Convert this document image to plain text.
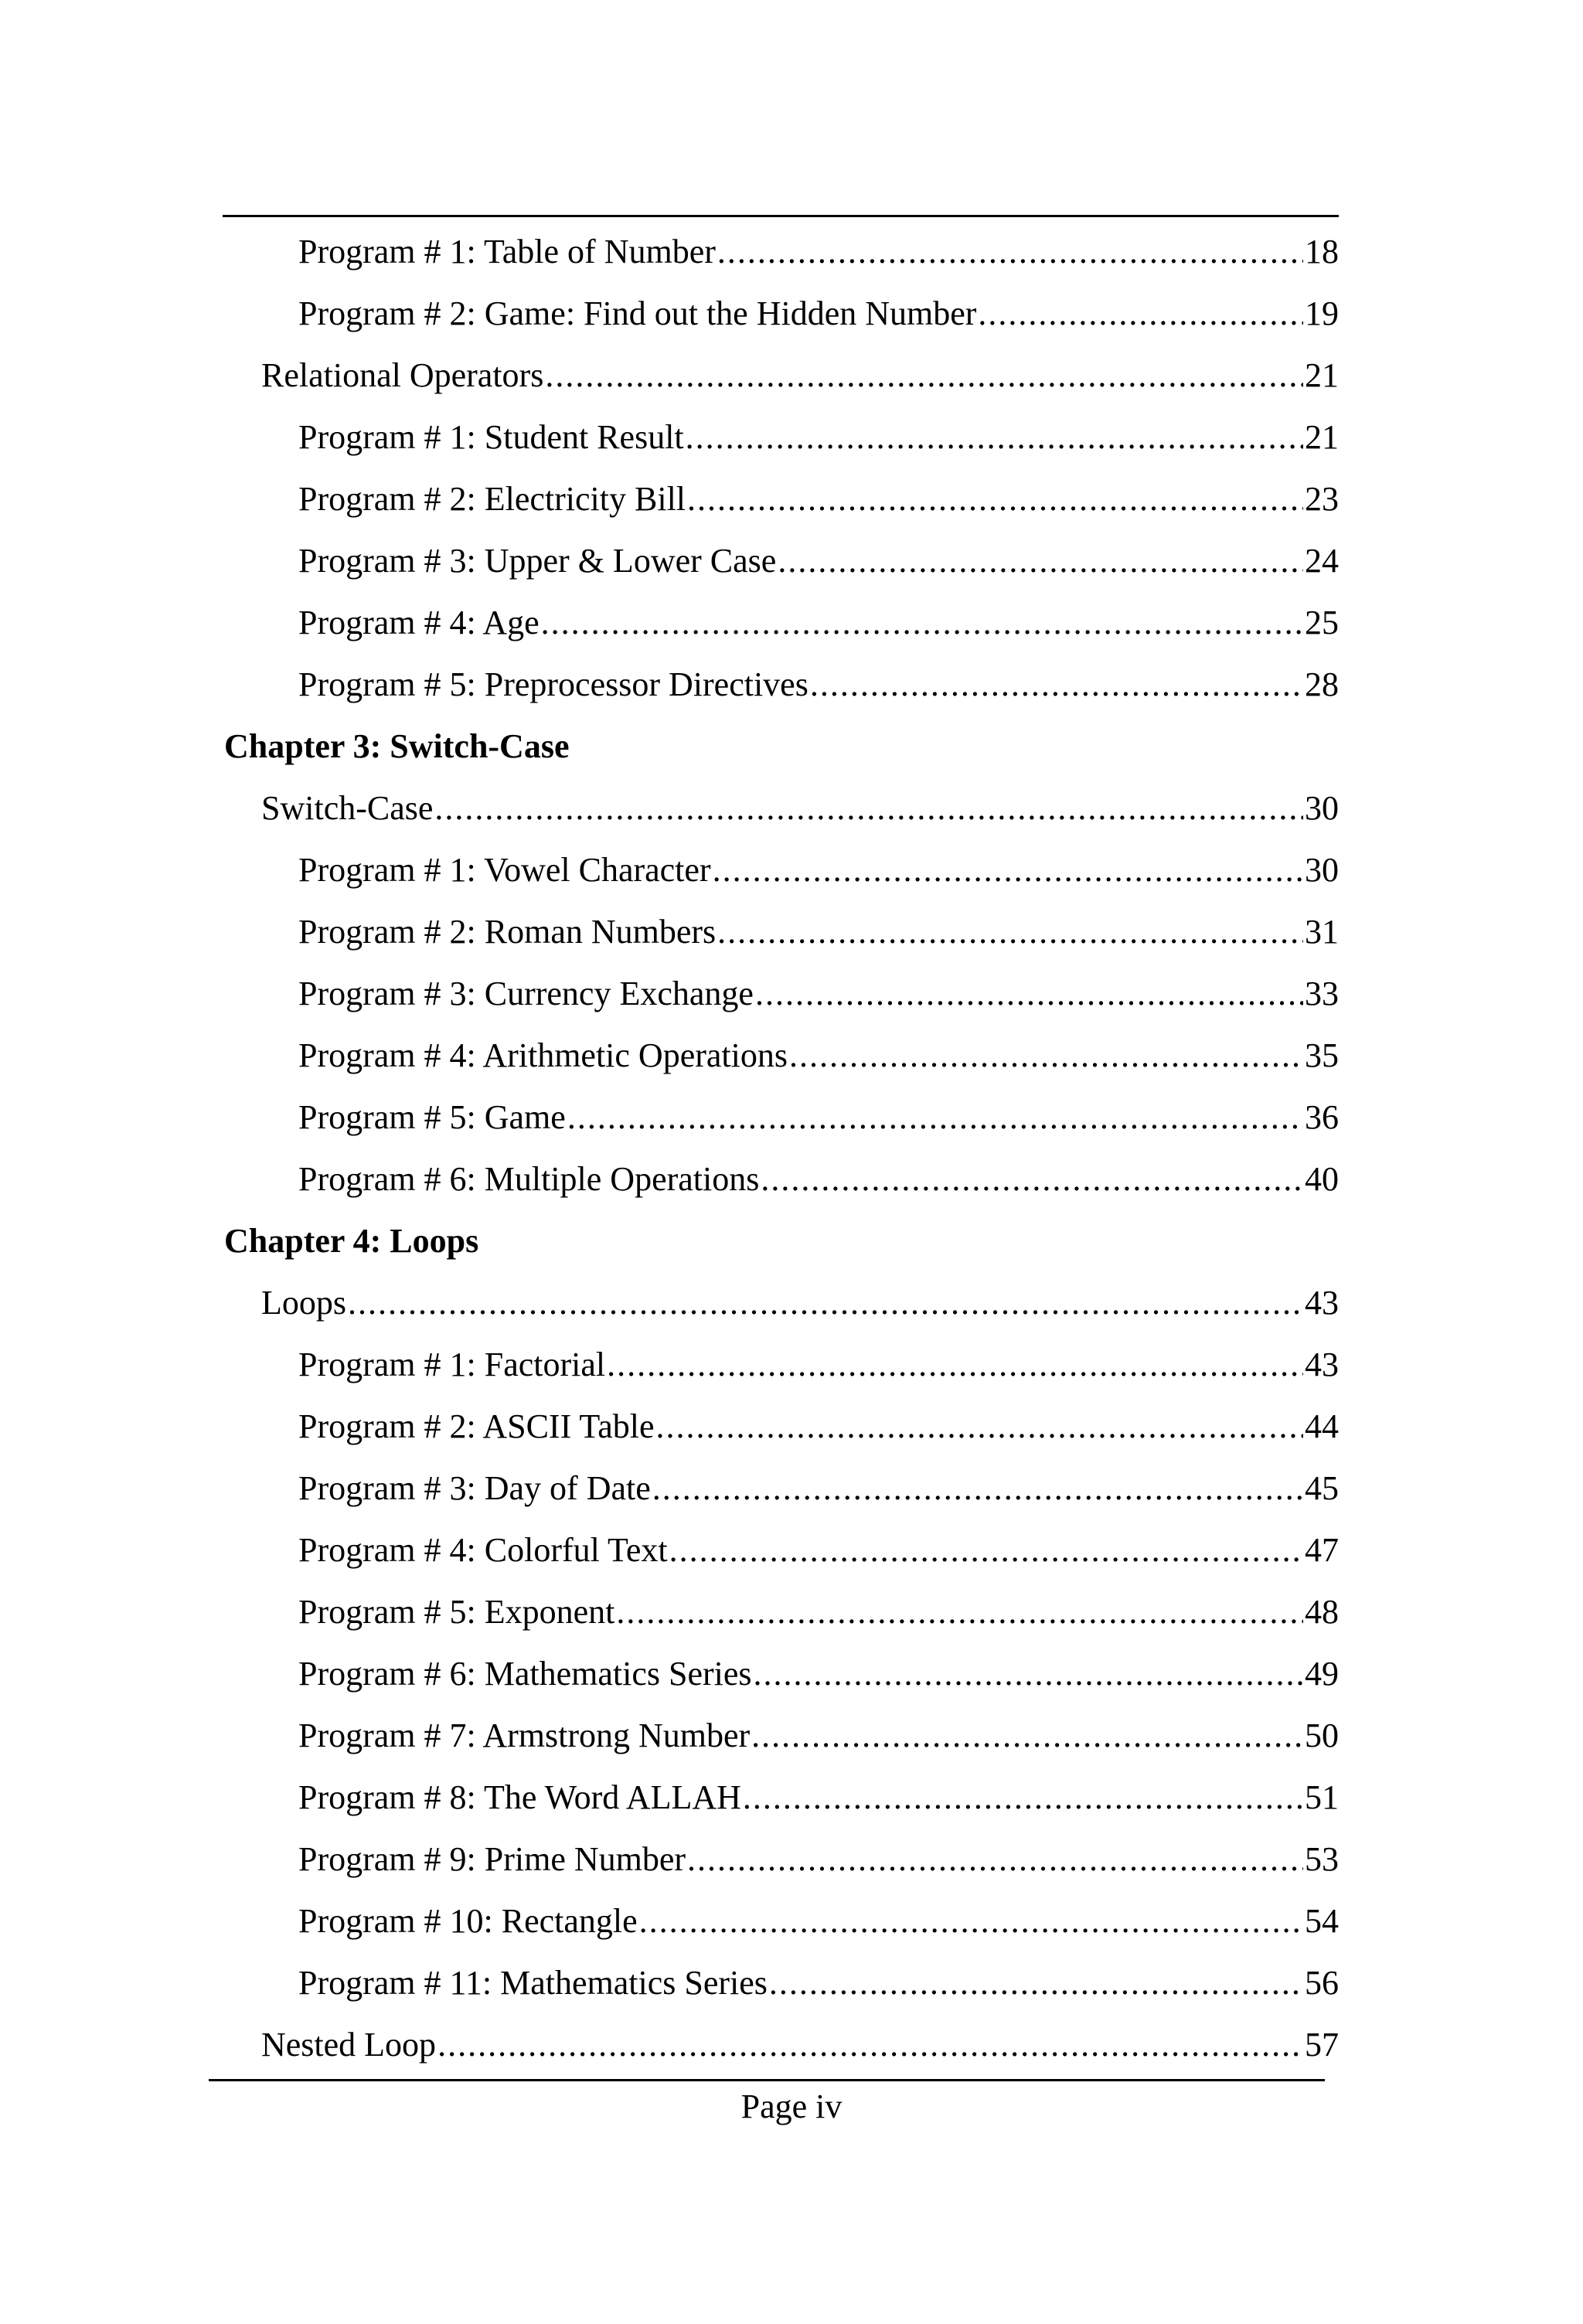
Program # 1: Table of Number .....	18
Program # 2: Game: Find out the Hidden Number .....	19
Relational Operators .....	21
Program # 1: Student Result .....	21
Program # 2: Electricity Bill .....	23
Program # 3: Upper & Lower Case .....	24
Program # 4: Age .....	25
Program # 5: Preprocessor Directives .....	28
Chapter 3: Switch-Case
Switch-Case .....	30
Program # 1: Vowel Character .....	30
Program # 2: Roman Numbers .....	31
Program # 3: Currency Exchange .....	33
Program # 4: Arithmetic Operations .....	35
Program # 5: Game .....	36
Program # 6: Multiple Operations .....	40
Chapter 4: Loops
Loops .....	43
Program # 1: Factorial .....	43
Program # 2: ASCII Table .....	44
Program # 3: Day of Date .....	45
Program # 4: Colorful Text .....	47
Program # 5: Exponent .....	48
Program # 6: Mathematics Series .....	49
Program # 7: Armstrong Number .....	50
Program # 8: The Word ALLAH .....	51
Program # 9: Prime Number .....	53
Program # 10: Rectangle .....	54
Program # 11: Mathematics Series .....	56
Nested Loop .....	57
Page iv
